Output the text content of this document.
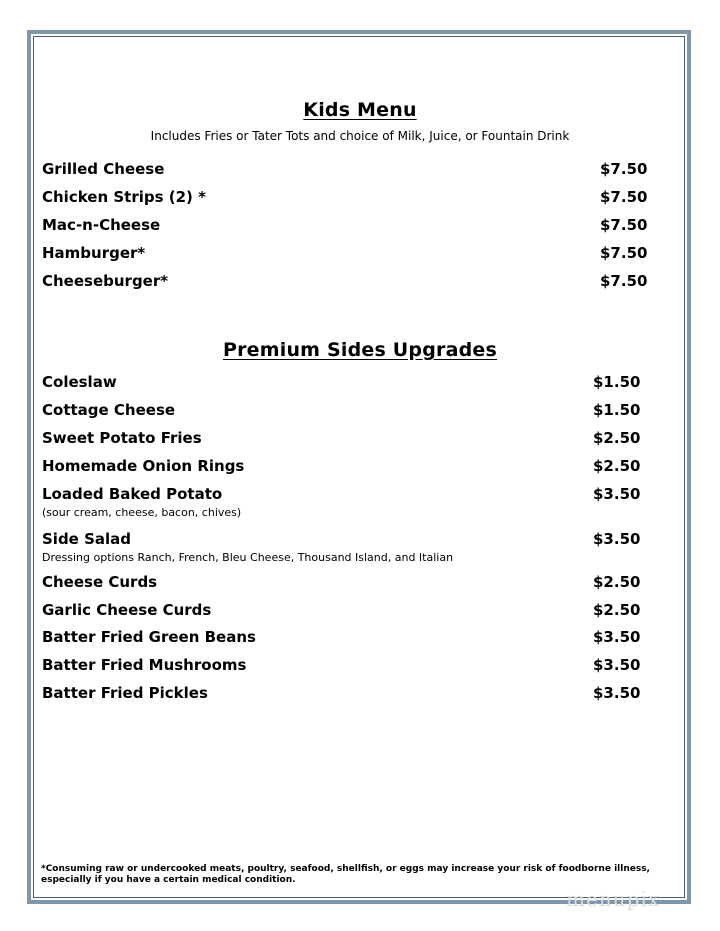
Kids Menu
Includes Fries or Tater Tots and choice of Milk, Juice, or Fountain Drink
Grilled Cheese	$7.50
Chicken Strips (2) *	$7.50
Mac-n-Cheese	$7.50
Hamburger*	$7.50
Cheeseburger*	$7.50
Premium Sides Upgrades
Coleslaw	$1.50
Cottage Cheese	$1.50
Sweet Potato Fries	$2.50
Homemade Onion Rings	$2.50
Loaded Baked Potato	$3.50
(sour cream, cheese, bacon, chives)
Side Salad	$3.50
Dressing options Ranch, French, Bleu Cheese, Thousand Island, and Italian
Cheese Curds	$2.50
Garlic Cheese Curds	$2.50
Batter Fried Green Beans	$3.50
Batter Fried Mushrooms	$3.50
Batter Fried Pickles	$3.50
*Consuming raw or undercooked meats, poultry, seafood, shellfish, or eggs may increase your risk of foodborne illness, especially if you have a certain medical condition.
menupix
